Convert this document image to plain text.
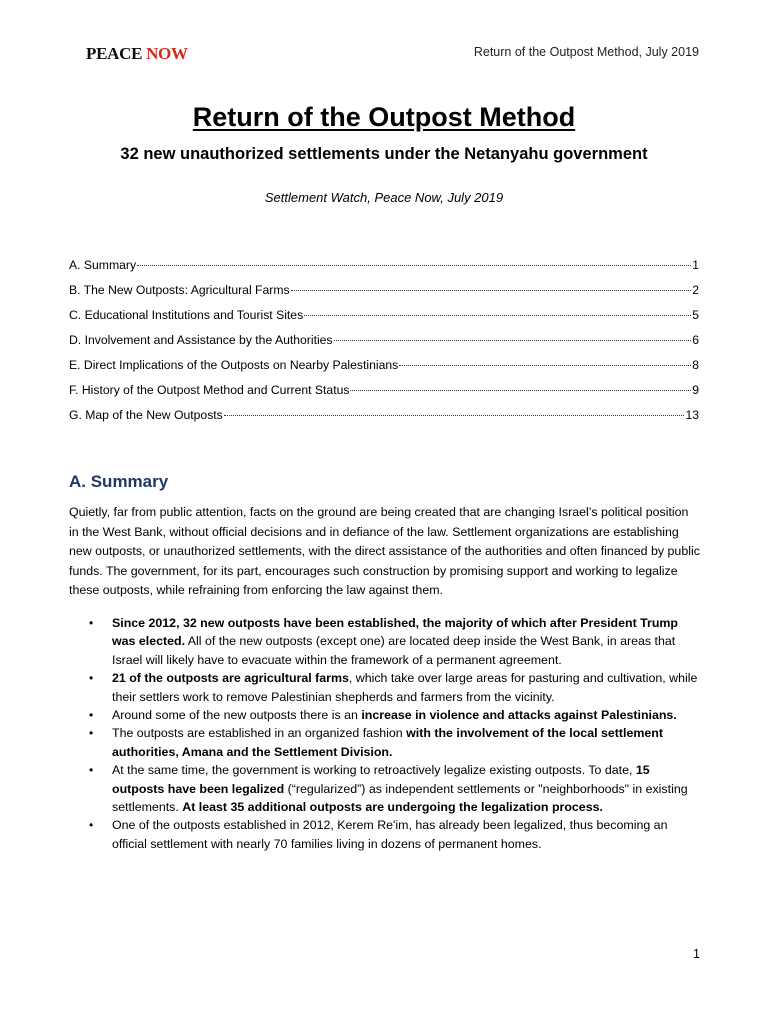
PEACE NOW	Return of the Outpost Method, July 2019
Return of the Outpost Method
32 new unauthorized settlements under the Netanyahu government
Settlement Watch, Peace Now, July 2019
A. Summary	1
B. The New Outposts: Agricultural Farms	2
C. Educational Institutions and Tourist Sites	5
D. Involvement and Assistance by the Authorities	6
E. Direct Implications of the Outposts on Nearby Palestinians	8
F. History of the Outpost Method and Current Status	9
G. Map of the New Outposts	13
A. Summary

Quietly, far from public attention, facts on the ground are being created that are changing Israel’s political position in the West Bank, without official decisions and in defiance of the law. Settlement organizations are establishing new outposts, or unauthorized settlements, with the direct assistance of the authorities and often financed by public funds. The government, for its part, encourages such construction by promising support and working to legalize these outposts, while refraining from enforcing the law against them.

• Since 2012, 32 new outposts have been established, the majority of which after President Trump was elected. All of the new outposts (except one) are located deep inside the West Bank, in areas that Israel will likely have to evacuate within the framework of a permanent agreement.
• 21 of the outposts are agricultural farms, which take over large areas for pasturing and cultivation, while their settlers work to remove Palestinian shepherds and farmers from the vicinity.
• Around some of the new outposts there is an increase in violence and attacks against Palestinians.
• The outposts are established in an organized fashion with the involvement of the local settlement authorities, Amana and the Settlement Division.
• At the same time, the government is working to retroactively legalize existing outposts. To date, 15 outposts have been legalized (“regularized”) as independent settlements or "neighborhoods" in existing settlements. At least 35 additional outposts are undergoing the legalization process.
• One of the outposts established in 2012, Kerem Re'im, has already been legalized, thus becoming an official settlement with nearly 70 families living in dozens of permanent homes.
1
